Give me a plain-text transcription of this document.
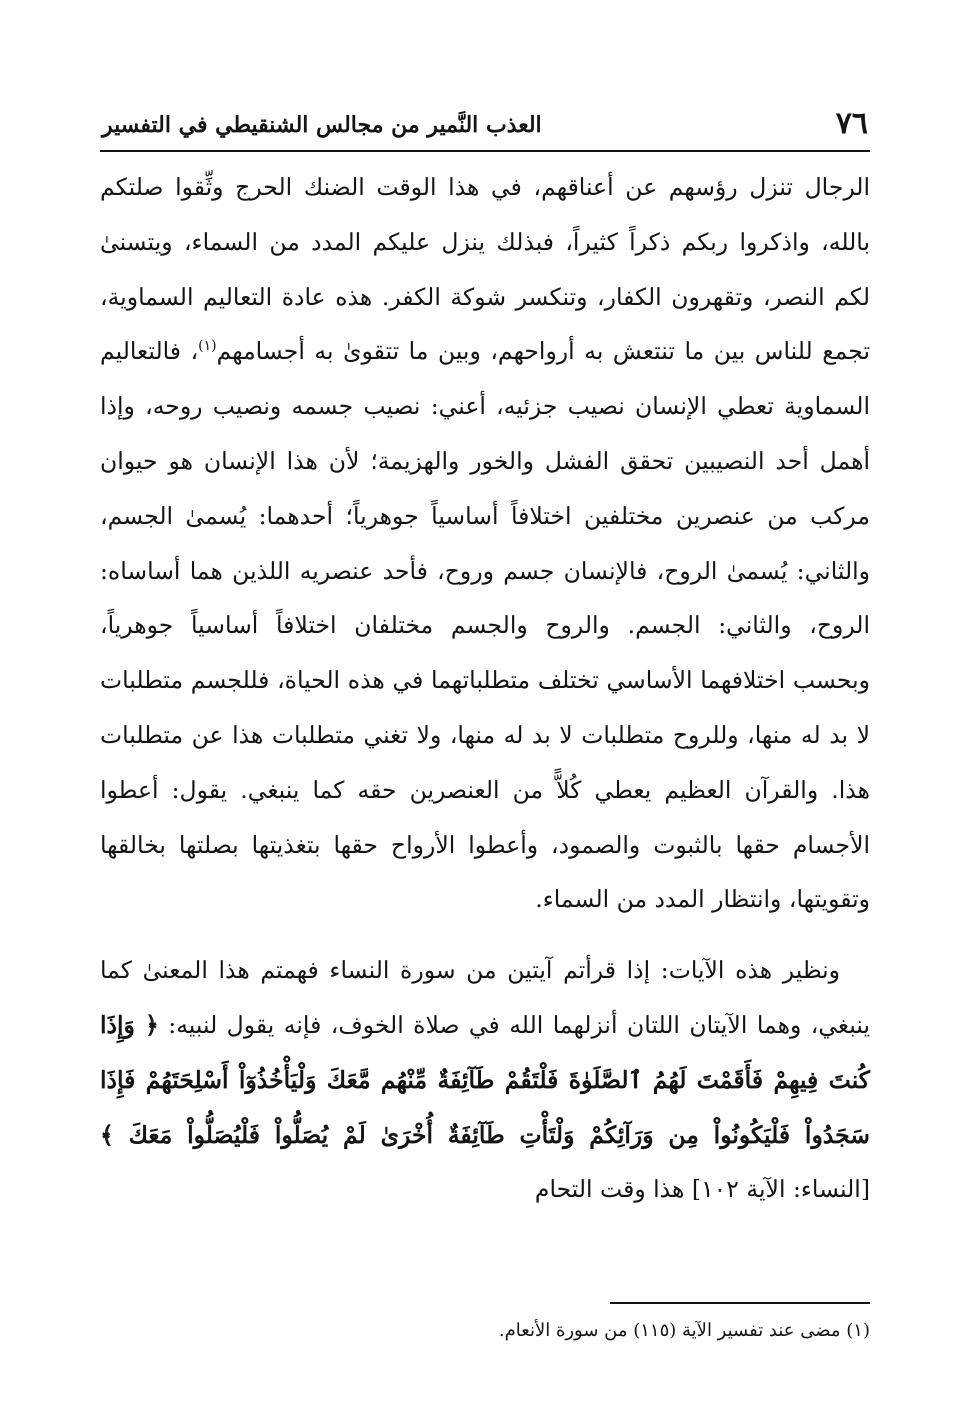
٧٦
العذب النَّمير من مجالس الشنقيطي في التفسير

الرجال تنزل رؤسهم عن أعناقهم، في هذا الوقت الضنك الحرج وثِّقوا صلتكم بالله، واذكروا ربكم ذكراً كثيراً، فبذلك ينزل عليكم المدد من السماء، ويتسنىٰ لكم النصر، وتقهرون الكفار، وتنكسر شوكة الكفر. هذه عادة التعاليم السماوية، تجمع للناس بين ما تنتعش به أرواحهم، وبين ما تتقوىٰ به أجسامهم$^{(١)}$، فالتعاليم السماوية تعطي الإنسان نصيب جزئيه، أعني: نصيب جسمه ونصيب روحه، وإذا أهمل أحد النصيبين تحقق الفشل والخور والهزيمة؛ لأن هذا الإنسان هو حيوان مركب من عنصرين مختلفين اختلافاً أساسياً جوهرياً؛ أحدهما: يُسمىٰ الجسم، والثاني: يُسمىٰ الروح، فالإنسان جسم وروح، فأحد عنصريه اللذين هما أساساه: الروح، والثاني: الجسم. والروح والجسم مختلفان اختلافاً أساسياً جوهرياً، وبحسب اختلافهما الأساسي تختلف متطلباتهما في هذه الحياة، فللجسم متطلبات لا بد له منها، وللروح متطلبات لا بد له منها، ولا تغني متطلبات هذا عن متطلبات هذا. والقرآن العظيم يعطي كُلاًّ من العنصرين حقه كما ينبغي. يقول: أعطوا الأجسام حقها بالثبوت والصمود، وأعطوا الأرواح حقها بتغذيتها بصلتها بخالقها وتقويتها، وانتظار المدد من السماء.

ونظير هذه الآيات: إذا قرأتم آيتين من سورة النساء فهمتم هذا المعنىٰ كما ينبغي، وهما الآيتان اللتان أنزلهما الله في صلاة الخوف، فإنه يقول لنبيه: ﴿ وَإِذَا كُنتَ فِيهِمْ فَأَقَمْتَ لَهُمُ ٱلصَّلَوٰةَ فَلْتَقُمْ طَآئِفَةٌ مِّنْهُم مَّعَكَ وَلْيَأْخُذُوٓاْ أَسْلِحَتَهُمْ فَإِذَا سَجَدُواْ فَلْيَكُونُواْ مِن وَرَآئِكُمْ وَلْتَأْتِ طَآئِفَةٌ أُخْرَىٰ لَمْ يُصَلُّواْ فَلْيُصَلُّواْ مَعَكَ ﴾ [النساء: الآية ١٠٢] هذا وقت التحام

(١) مضى عند تفسير الآية (١١٥) من سورة الأنعام.
